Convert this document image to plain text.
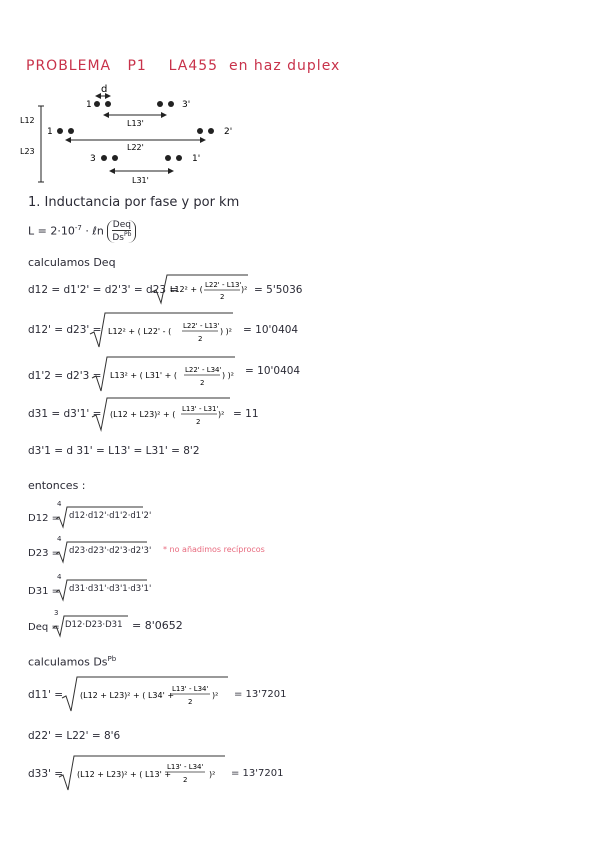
PROBLEMA P1 LA455 en haz duplex
d
1	3'
L13'
L12
L23
1	2'
L22'
3	1'
L31'
1. Inductancia por fase y por km
$L = 2\cdot 10^{-7}$ · ℓn Deq
$Ds^{Pb}$
calculamos Deq
d12 = d1'2' = d2'3' = d23 =
L12² + ( L22' - L13'
2
)² = 5'5036
d12' = d23' = L12² + ( L22' - (
L22' - L13'
2
) )² = 10'0404
d1'2 = d2'3 = L13² + ( L31' + (
L22' - L34'
2
) )² = 10'0404
d31 = d3'1' = (L12 + L23)² + (
L13' - L31'
2
)² = 11
d3'1 = d 31' = L13' = L31' = 8'2
entonces :
D12 =
4
d12·d12'·d1'2·d1'2'
D23 =
4
d23·d23'·d2'3·d2'3' * no añadimos recíprocos
D31 =
4
d31·d31'·d3'1·d3'1'
Deq =
3
D12·D23·D31 = 8'0652
calculamos $Ds^{Pb}$
d11' = (L12 + L23)² + ( L34' +
L13' - L34'
2
)² = 13'7201
d22' = L22' = 8'6
d33' = (L12 + L23)² + ( L13' +
L13' - L34'
2
)² = 13'7201
